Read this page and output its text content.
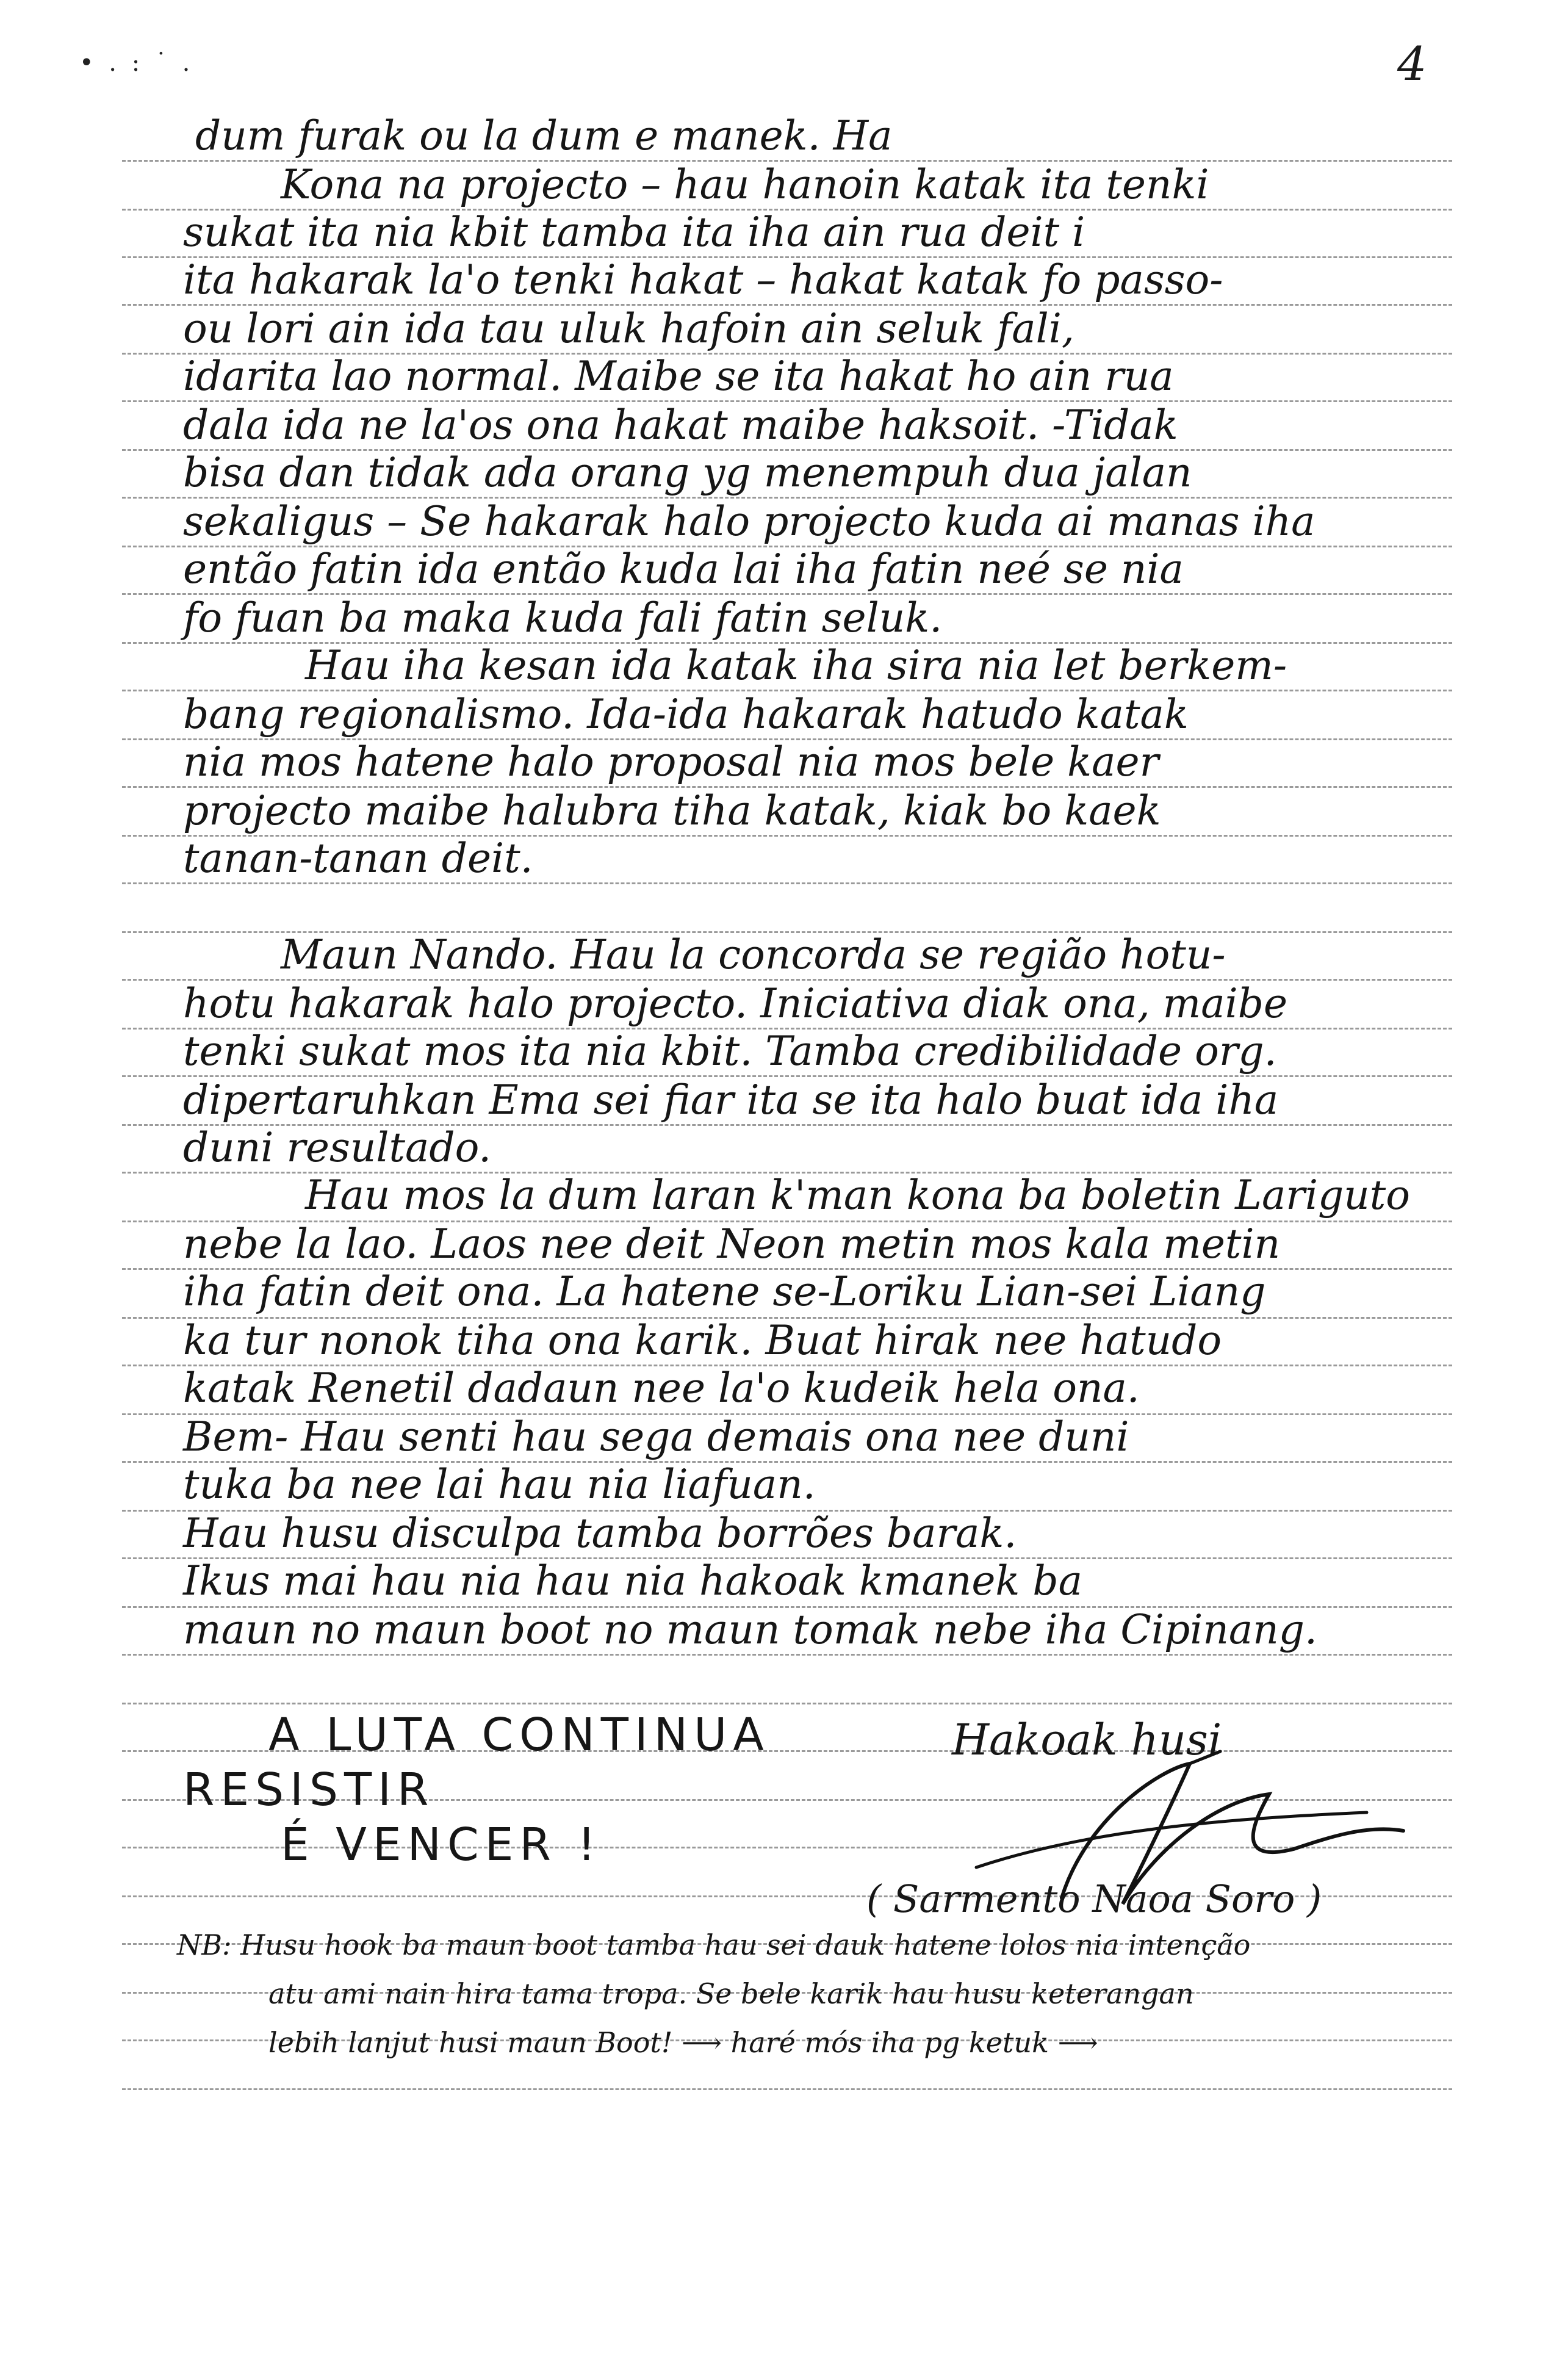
• . : ˙ .	4
dum furak ou la dum e manek. Ha
Kona na projecto – hau hanoin katak ita tenki
sukat ita nia kbit tamba ita iha ain rua deit i
ita hakarak la'o tenki hakat – hakat katak fo passo-
ou lori ain ida tau uluk hafoin ain seluk fali,
idarita lao normal. Maibe se ita hakat ho ain rua
dala ida ne la'os ona hakat maibe haksoit. -Tidak
bisa dan tidak ada orang yg menempuh dua jalan
sekaligus – Se hakarak halo projecto kuda ai manas iha
então fatin ida então kuda lai iha fatin neé se nia
fo fuan ba maka kuda fali fatin seluk.
Hau iha kesan ida katak iha sira nia let berkem-
bang regionalismo. Ida-ida hakarak hatudo katak
nia mos hatene halo proposal nia mos bele kaer
projecto maibe halubra tiha katak, kiak bo kaek
tanan-tanan deit.
Maun Nando. Hau la concorda se região hotu-
hotu hakarak halo projecto. Iniciativa diak ona, maibe
tenki sukat mos ita nia kbit. Tamba credibilidade org.
dipertaruhkan Ema sei fiar ita se ita halo buat ida iha
duni resultado.
Hau mos la dum laran k'man kona ba boletin Lariguto
nebe la lao. Laos nee deit Neon metin mos kala metin
iha fatin deit ona. La hatene se-Loriku Lian-sei Liang
ka tur nonok tiha ona karik. Buat hirak nee hatudo
katak Renetil dadaun nee la'o kudeik hela ona.
Bem- Hau senti hau sega demais ona nee duni
tuka ba nee lai hau nia liafuan.
Hau husu disculpa tamba borrões barak.
Ikus mai hau nia hau nia hakoak kmanek ba
maun no maun boot no maun tomak nebe iha Cipinang.
A LUTA CONTINUA
RESISTIR
É VENCER !
Hakoak husi
( Sarmento Naoa Soro )
NB: Husu hook ba maun boot tamba hau sei dauk hatene lolos nia intenção
atu ami nain hira tama tropa. Se bele karik hau husu keterangan
lebih lanjut husi maun Boot! ⟶ haré mós iha pg ketuk ⟶
